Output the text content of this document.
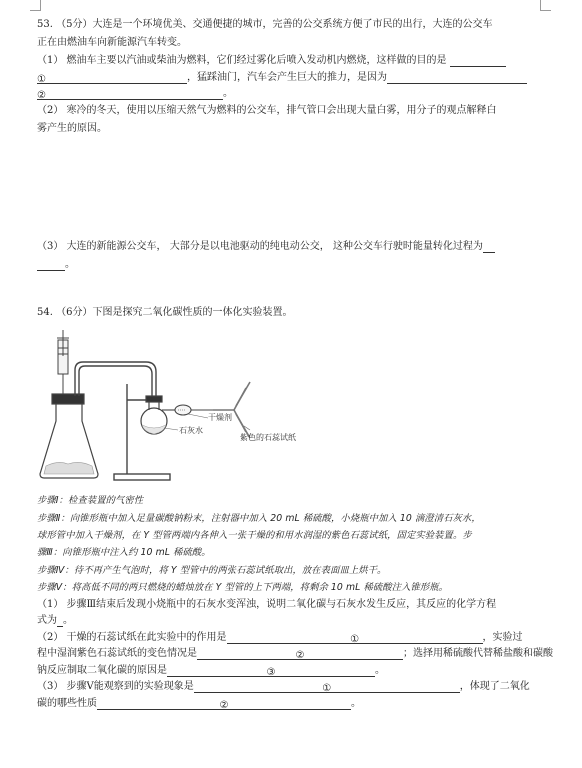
53. （5分）大连是一个环境优美、交通便捷的城市，完善的公交系统方便了市民的出行，大连的公交车
正在由燃油车向新能源汽车转变。
（1） 燃油车主要以汽油或柴油为燃料，它们经过雾化后喷入发动机内燃烧，这样做的目的是
①	，猛踩油门，汽车会产生巨大的推力，是因为
②	。
（2） 寒冷的冬天，使用以压缩天然气为燃料的公交车，排气管口会出现大量白雾，用分子的观点解释白
雾产生的原因。
（3） 大连的新能源公交车， 大部分是以电池驱动的纯电动公交， 这种公交车行驶时能量转化过程为
。
54. （6分）下图是探究二氧化碳性质的一体化实验装置。
干燥剂
石灰水
紫色的石蕊试纸
步骤Ⅰ：检查装置的气密性
步骤Ⅱ：向锥形瓶中加入足量碳酸钠粉末，注射器中加入 20 mL 稀硫酸，小烧瓶中加入 10 滴澄清石灰水，
球形管中加入干燥剂，在 Y 型管两端内各伸入一张干燥的和用水润湿的紫色石蕊试纸，固定实验装置。步
骤Ⅲ：向锥形瓶中注入约 10 mL 稀硫酸。
步骤Ⅳ：待不再产生气泡时，将 Y 型管中的两张石蕊试纸取出，放在表面皿上烘干。
步骤Ⅴ：将高低不同的两只燃烧的蜡烛放在 Y 型管的上下两端，将剩余 10 mL 稀硫酸注入锥形瓶。
（1） 步骤Ⅲ结束后发现小烧瓶中的石灰水变浑浊，说明二氧化碳与石灰水发生反应，其反应的化学方程
式为 。
（2） 干燥的石蕊试纸在此实验中的作用是	①	，实验过
程中湿润紫色石蕊试纸的变色情况是	②	；选择用稀硫酸代替稀盐酸和碳酸
钠反应制取二氧化碳的原因是	③	。
（3） 步骤Ⅴ能观察到的实验现象是	①	，体现了二氧化
碳的哪些性质	②	。
